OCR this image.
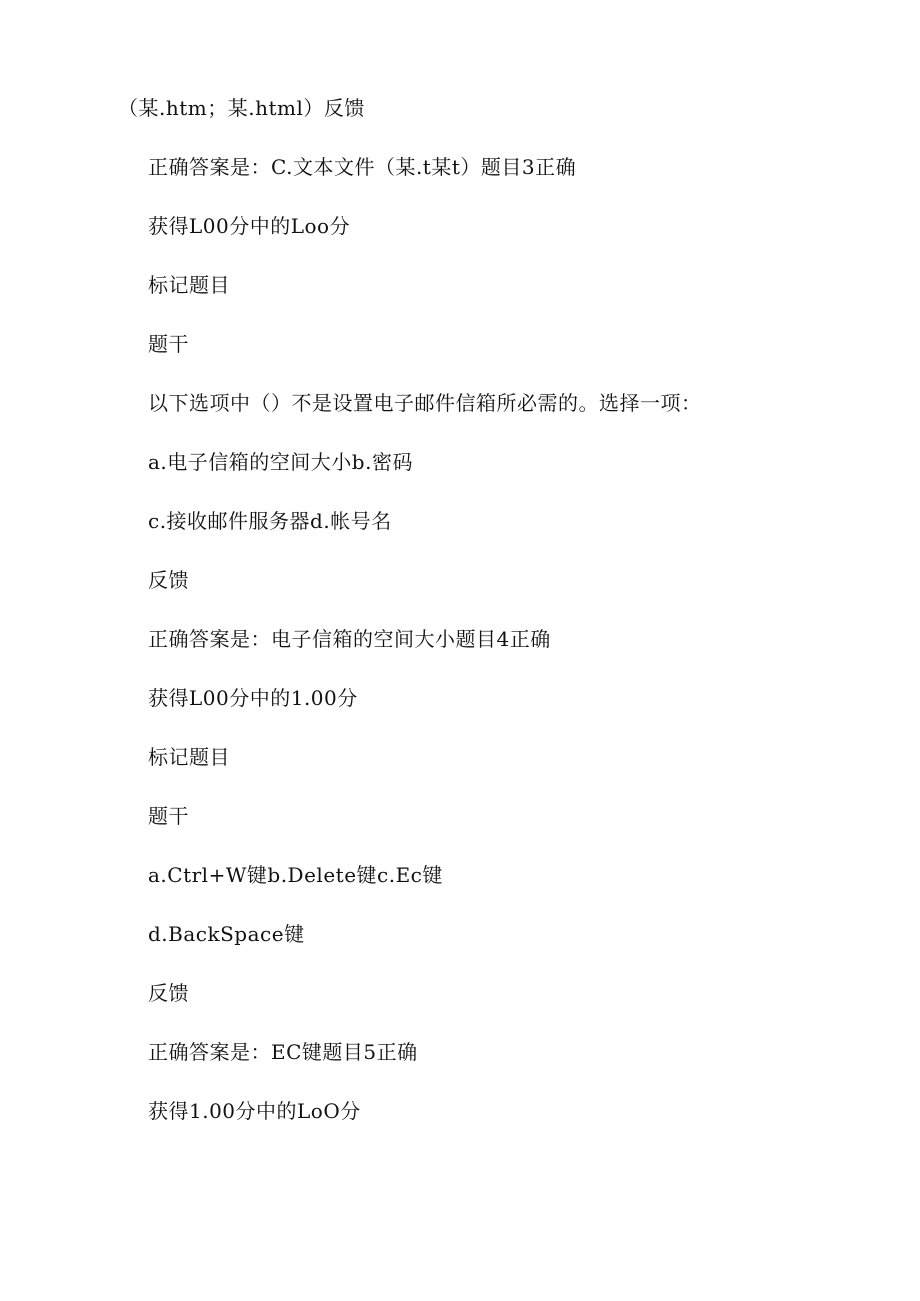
（某.htm；某.html）反馈
正确答案是：C.文本文件（某.t某t）题目3正确
获得L00分中的Loo分
标记题目
题干
以下选项中（）不是设置电子邮件信箱所必需的。选择一项：
a.电子信箱的空间大小b.密码
c.接收邮件服务器d.帐号名
反馈
正确答案是：电子信箱的空间大小题目4正确
获得L00分中的1.00分
标记题目
题干
a.Ctrl+W键b.Delete键c.Ec键
d.BackSpace键
反馈
正确答案是：EC键题目5正确
获得1.00分中的LoO分
